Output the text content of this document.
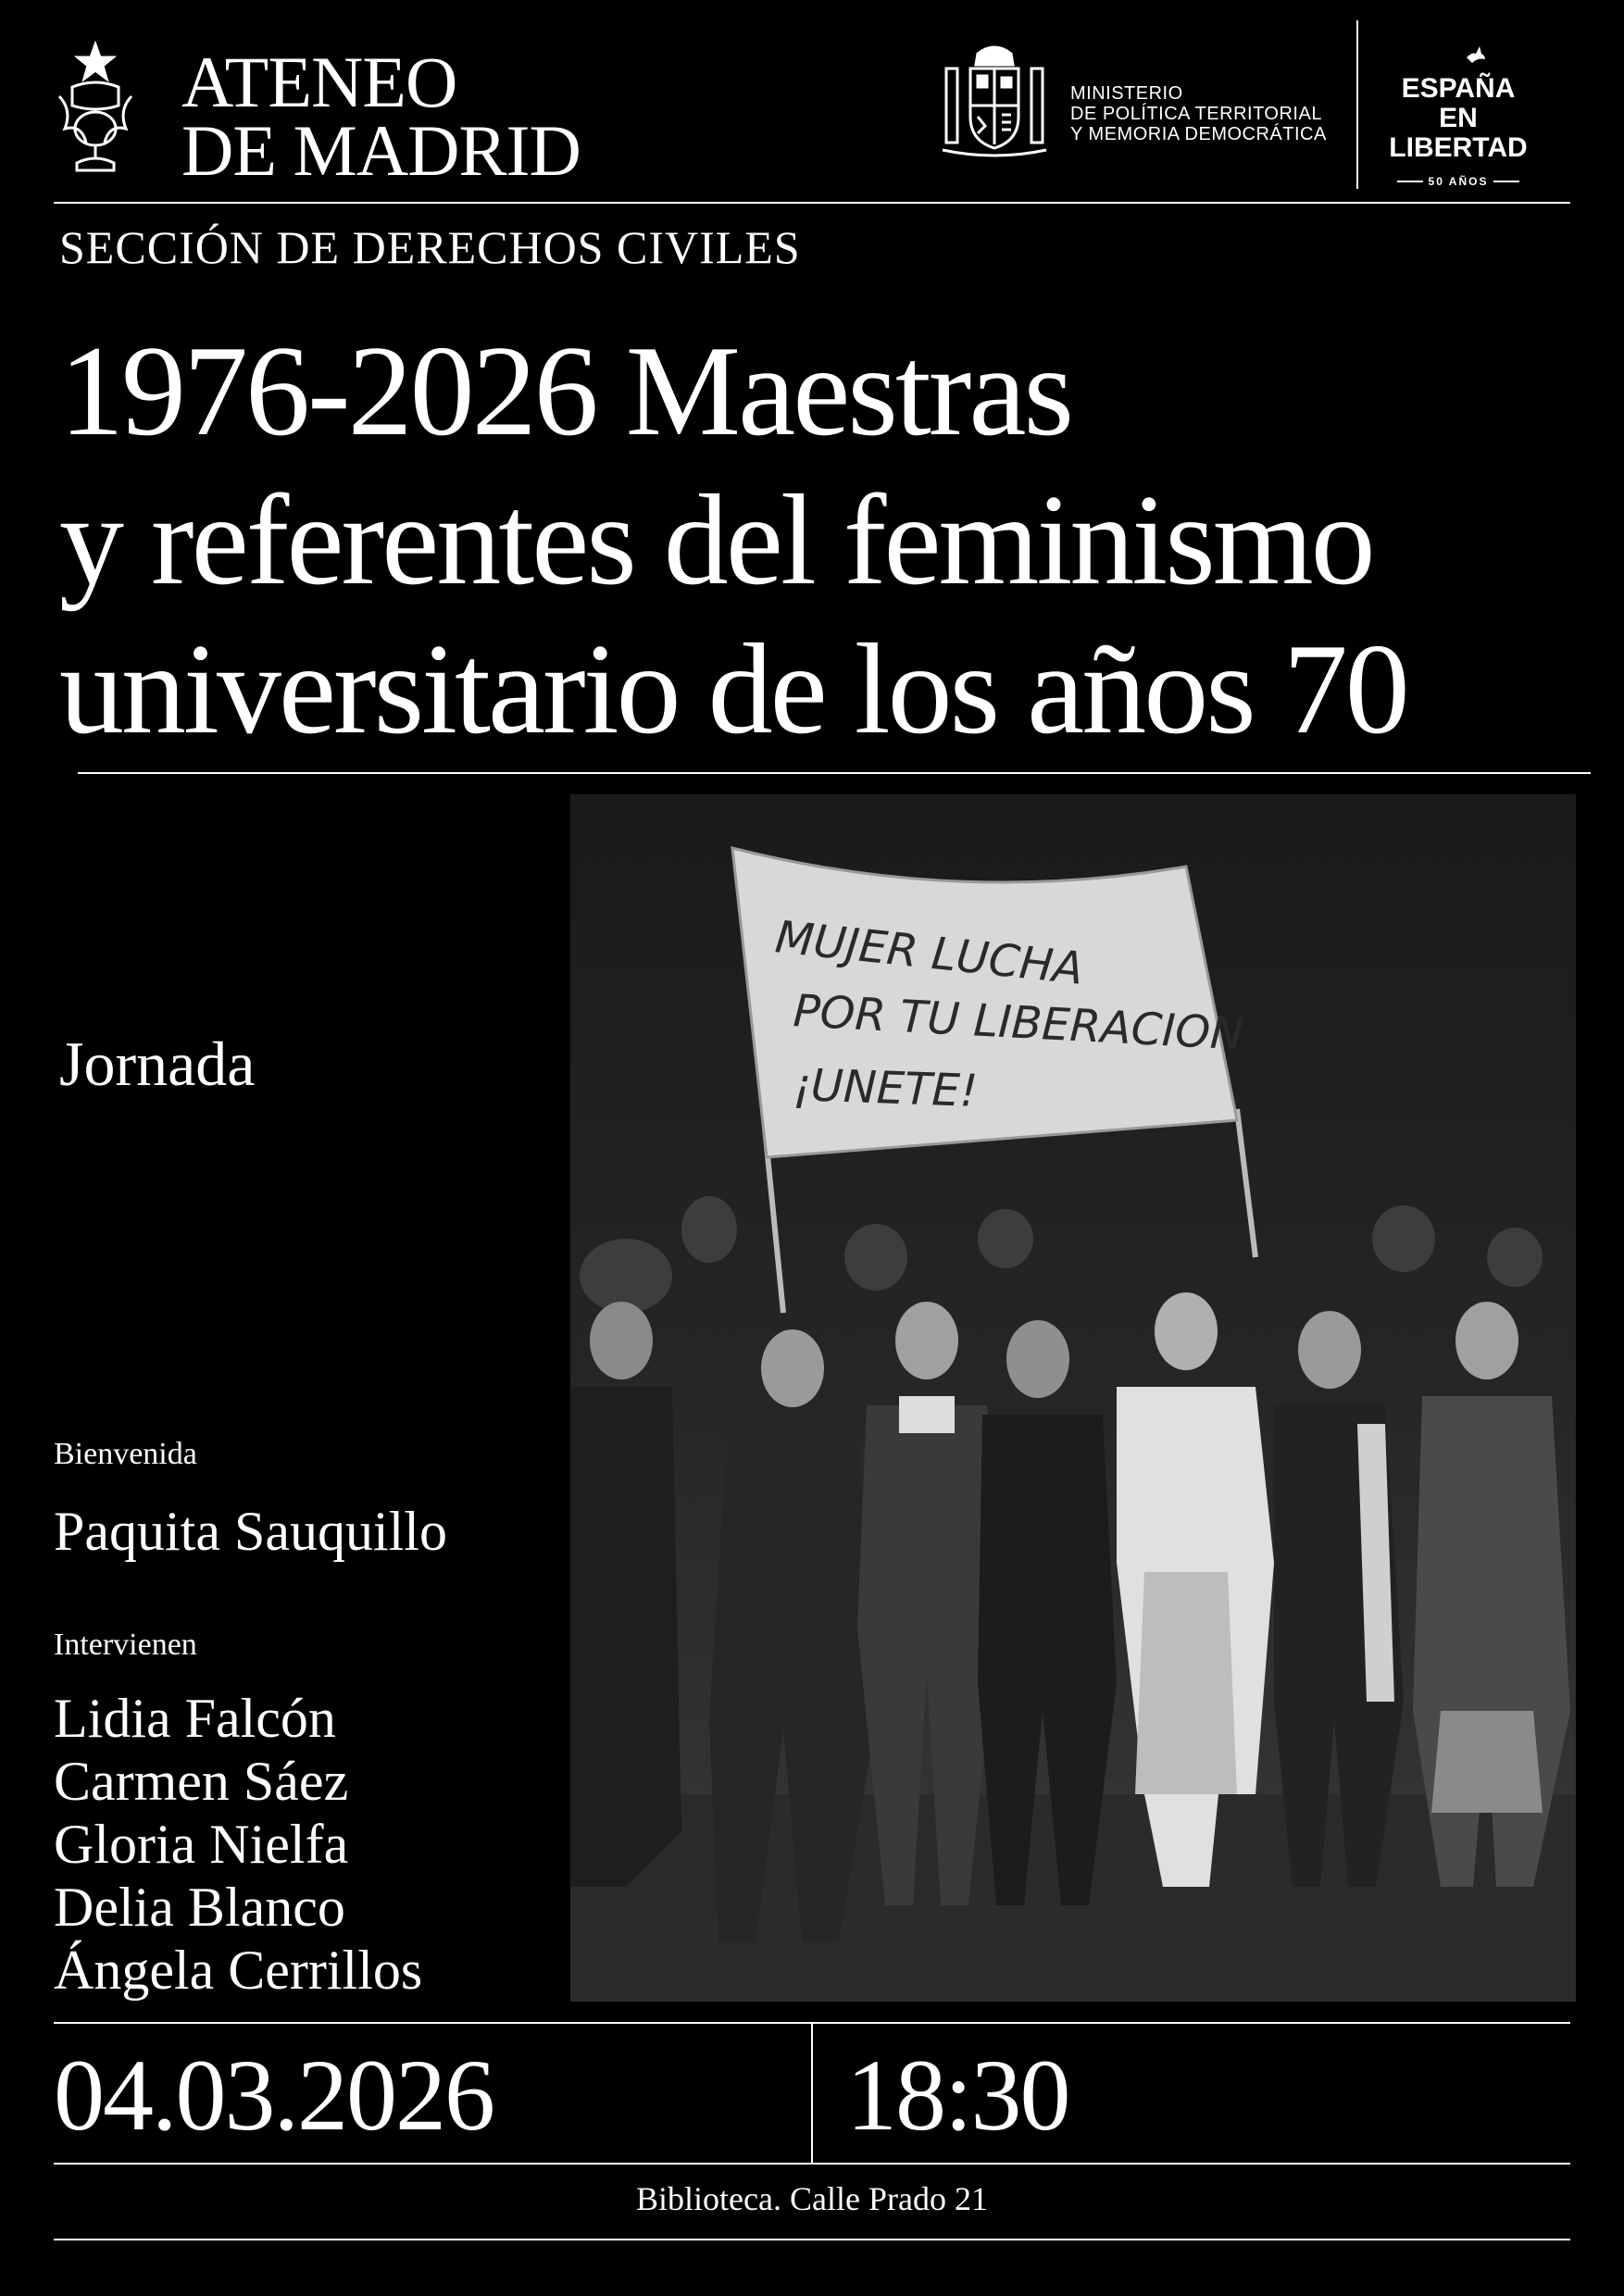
ATENEO
DE MADRID
MINISTERIO
DE POLÍTICA TERRITORIAL
Y MEMORIA DEMOCRÁTICA
ESPAÑA EN
LIBERTAD
50 AÑOS
SECCIÓN DE DERECHOS CIVILES
1976-2026 Maestras
y referentes del feminismo
universitario de los años 70
Jornada
MUJER LUCHA
POR TU LIBERACION
¡UNETE!
Bienvenida
Paquita Sauquillo
Intervienen
Lidia Falcón
Carmen Sáez
Gloria Nielfa
Delia Blanco
Ángela Cerrillos
04.03.2026	18:30
Biblioteca. Calle Prado 21
